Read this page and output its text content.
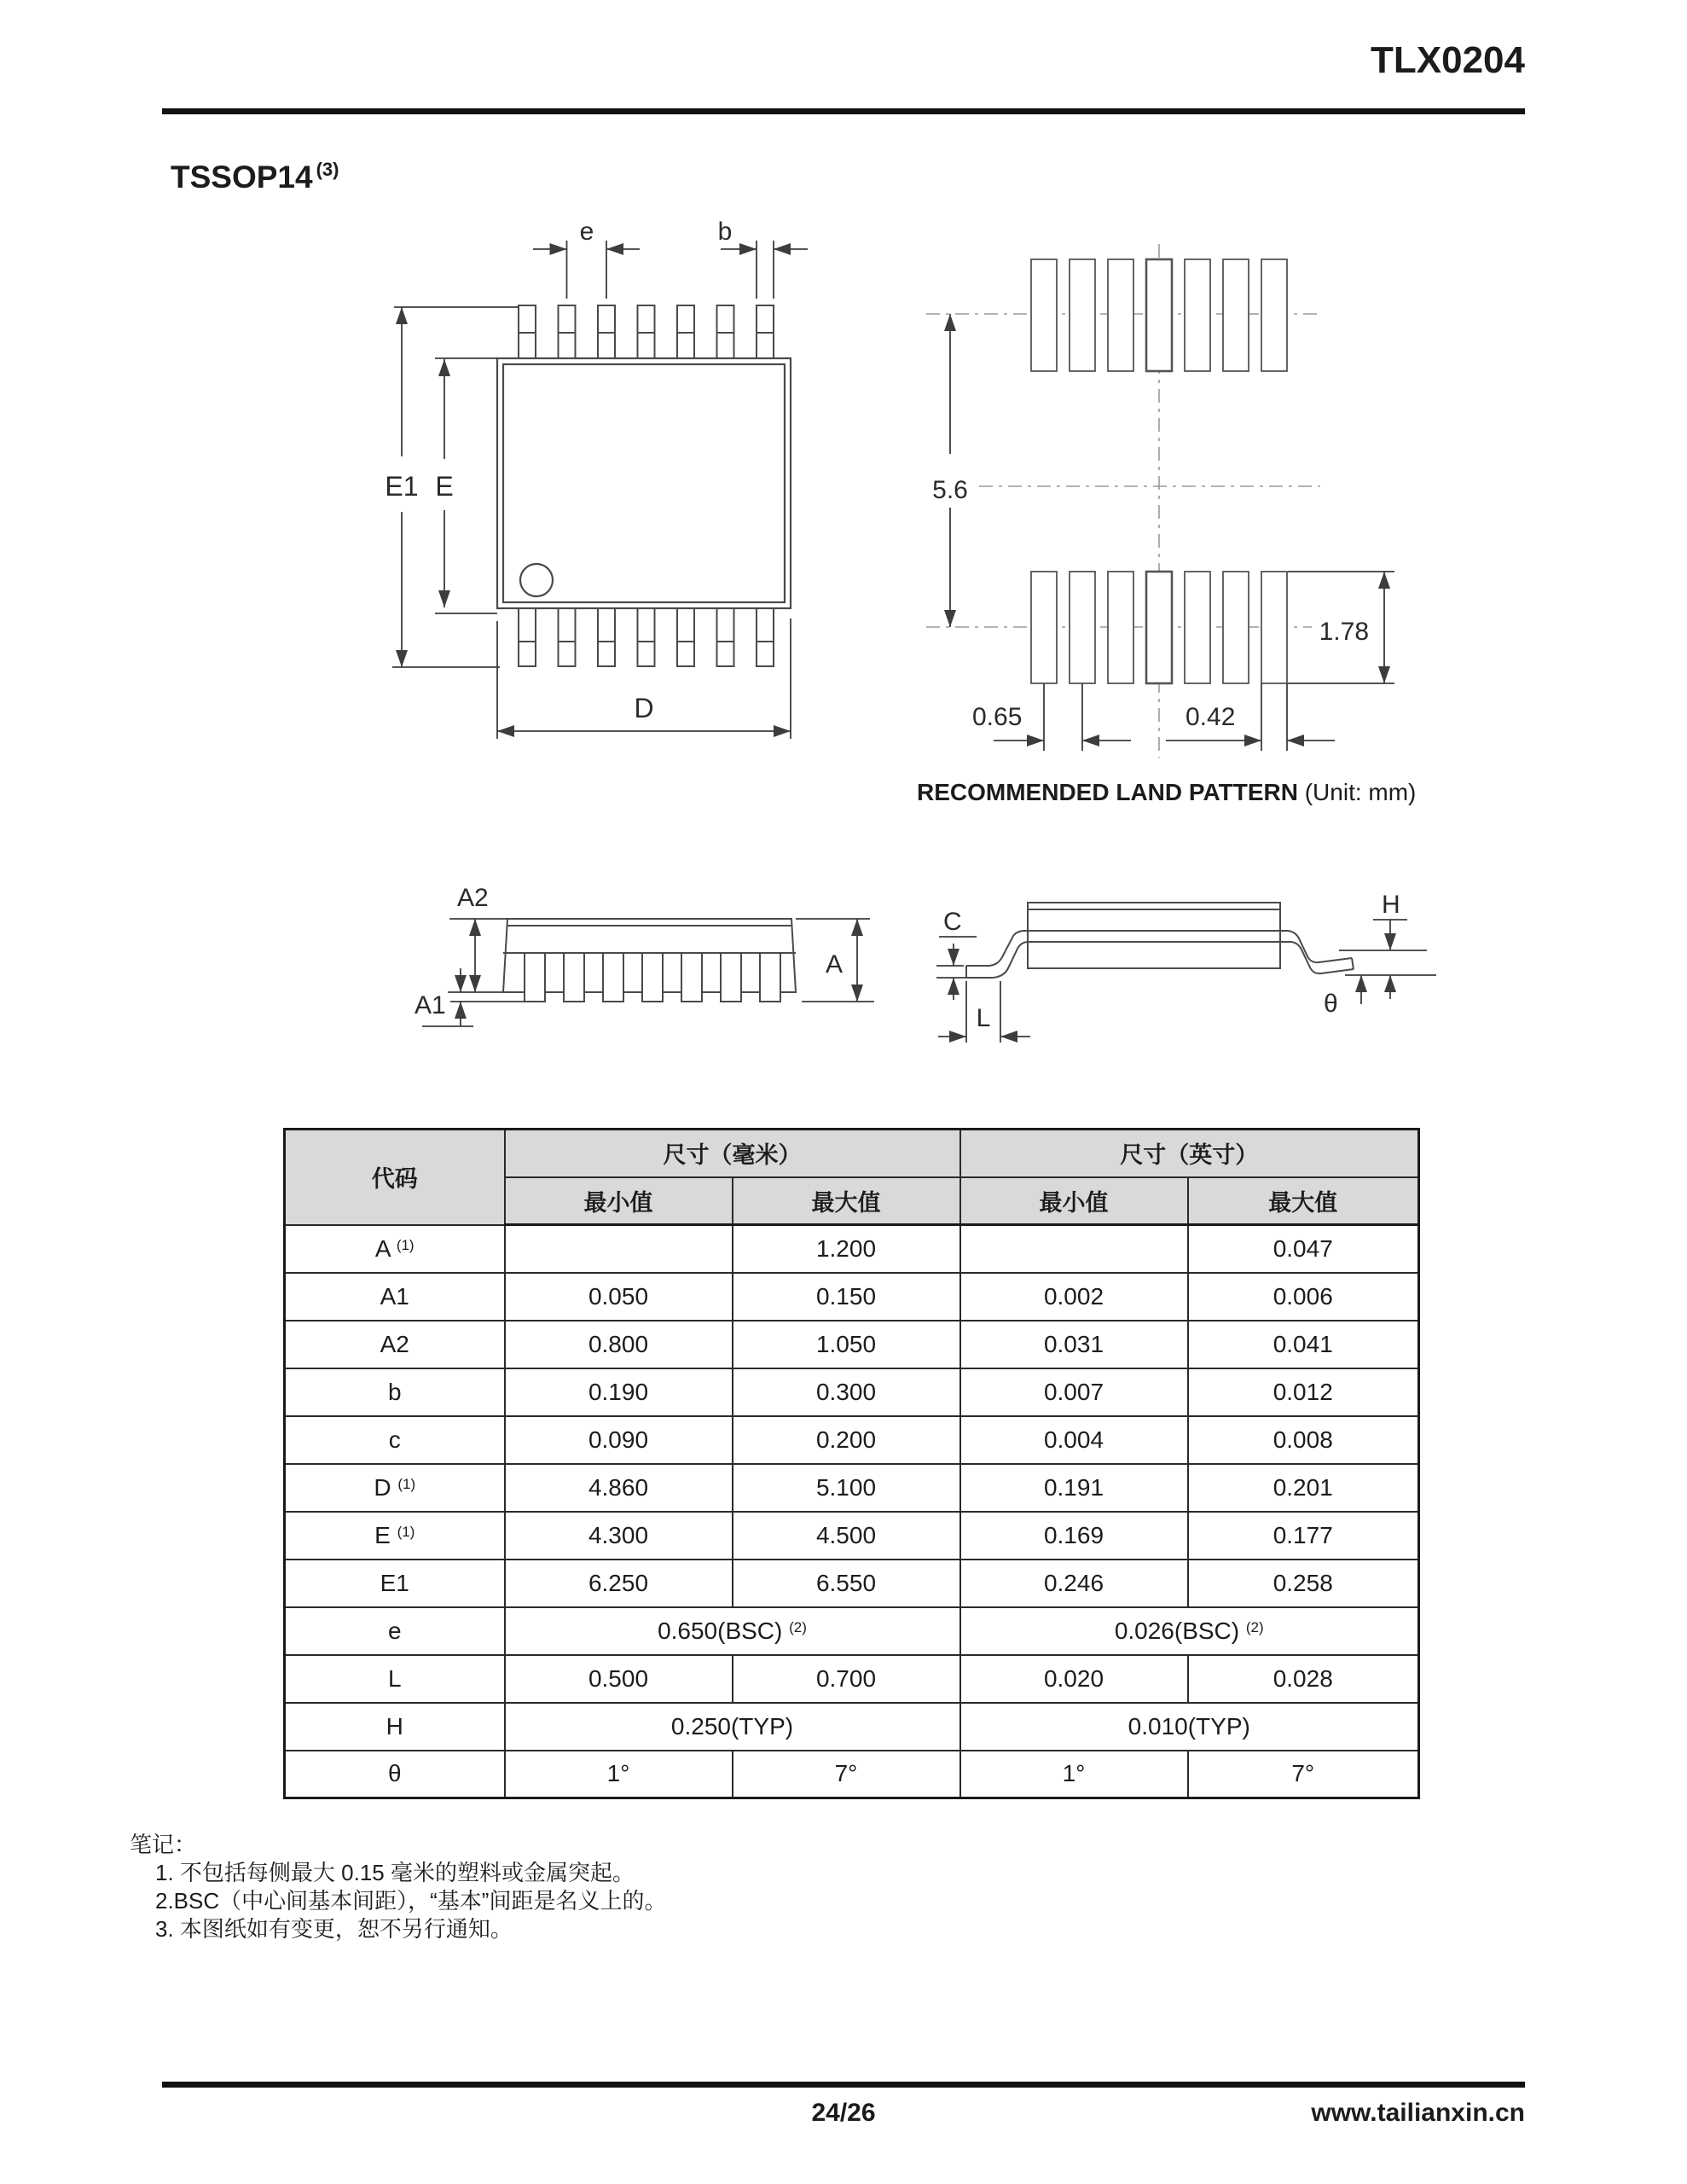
TLX0204
TSSOP14 $^{(3)}$
e	b
E1 E
D
5.6
1.78
0.65	0.42
RECOMMENDED LAND PATTERN (Unit: mm)
A2
A1
A
C
L
H
θ
代码	尺寸（毫米）		尺寸（英寸）	
	最小值	最大值	最小值	最大值
A $^{(1)}$		1.200		0.047
A1	0.050	0.150	0.002	0.006
A2	0.800	1.050	0.031	0.041
b	0.190	0.300	0.007	0.012
c	0.090	0.200	0.004	0.008
D $^{(1)}$	4.860	5.100	0.191	0.201
E $^{(1)}$	4.300	4.500	0.169	0.177
E1	6.250	6.550	0.246	0.258
e	0.650(BSC) $^{(2)}$		0.026(BSC) $^{(2)}$
L	0.500	0.700	0.020	0.028
H	0.250(TYP)		0.010(TYP)	
θ	1°	7°	1°	7°
笔记：
1. 不包括每侧最大 0.15 毫米的塑料或金属突起。
2.BSC（中心间基本间距），“基本”间距是名义上的。
3. 本图纸如有变更，恕不另行通知。
24/26	www.tailianxin.cn
